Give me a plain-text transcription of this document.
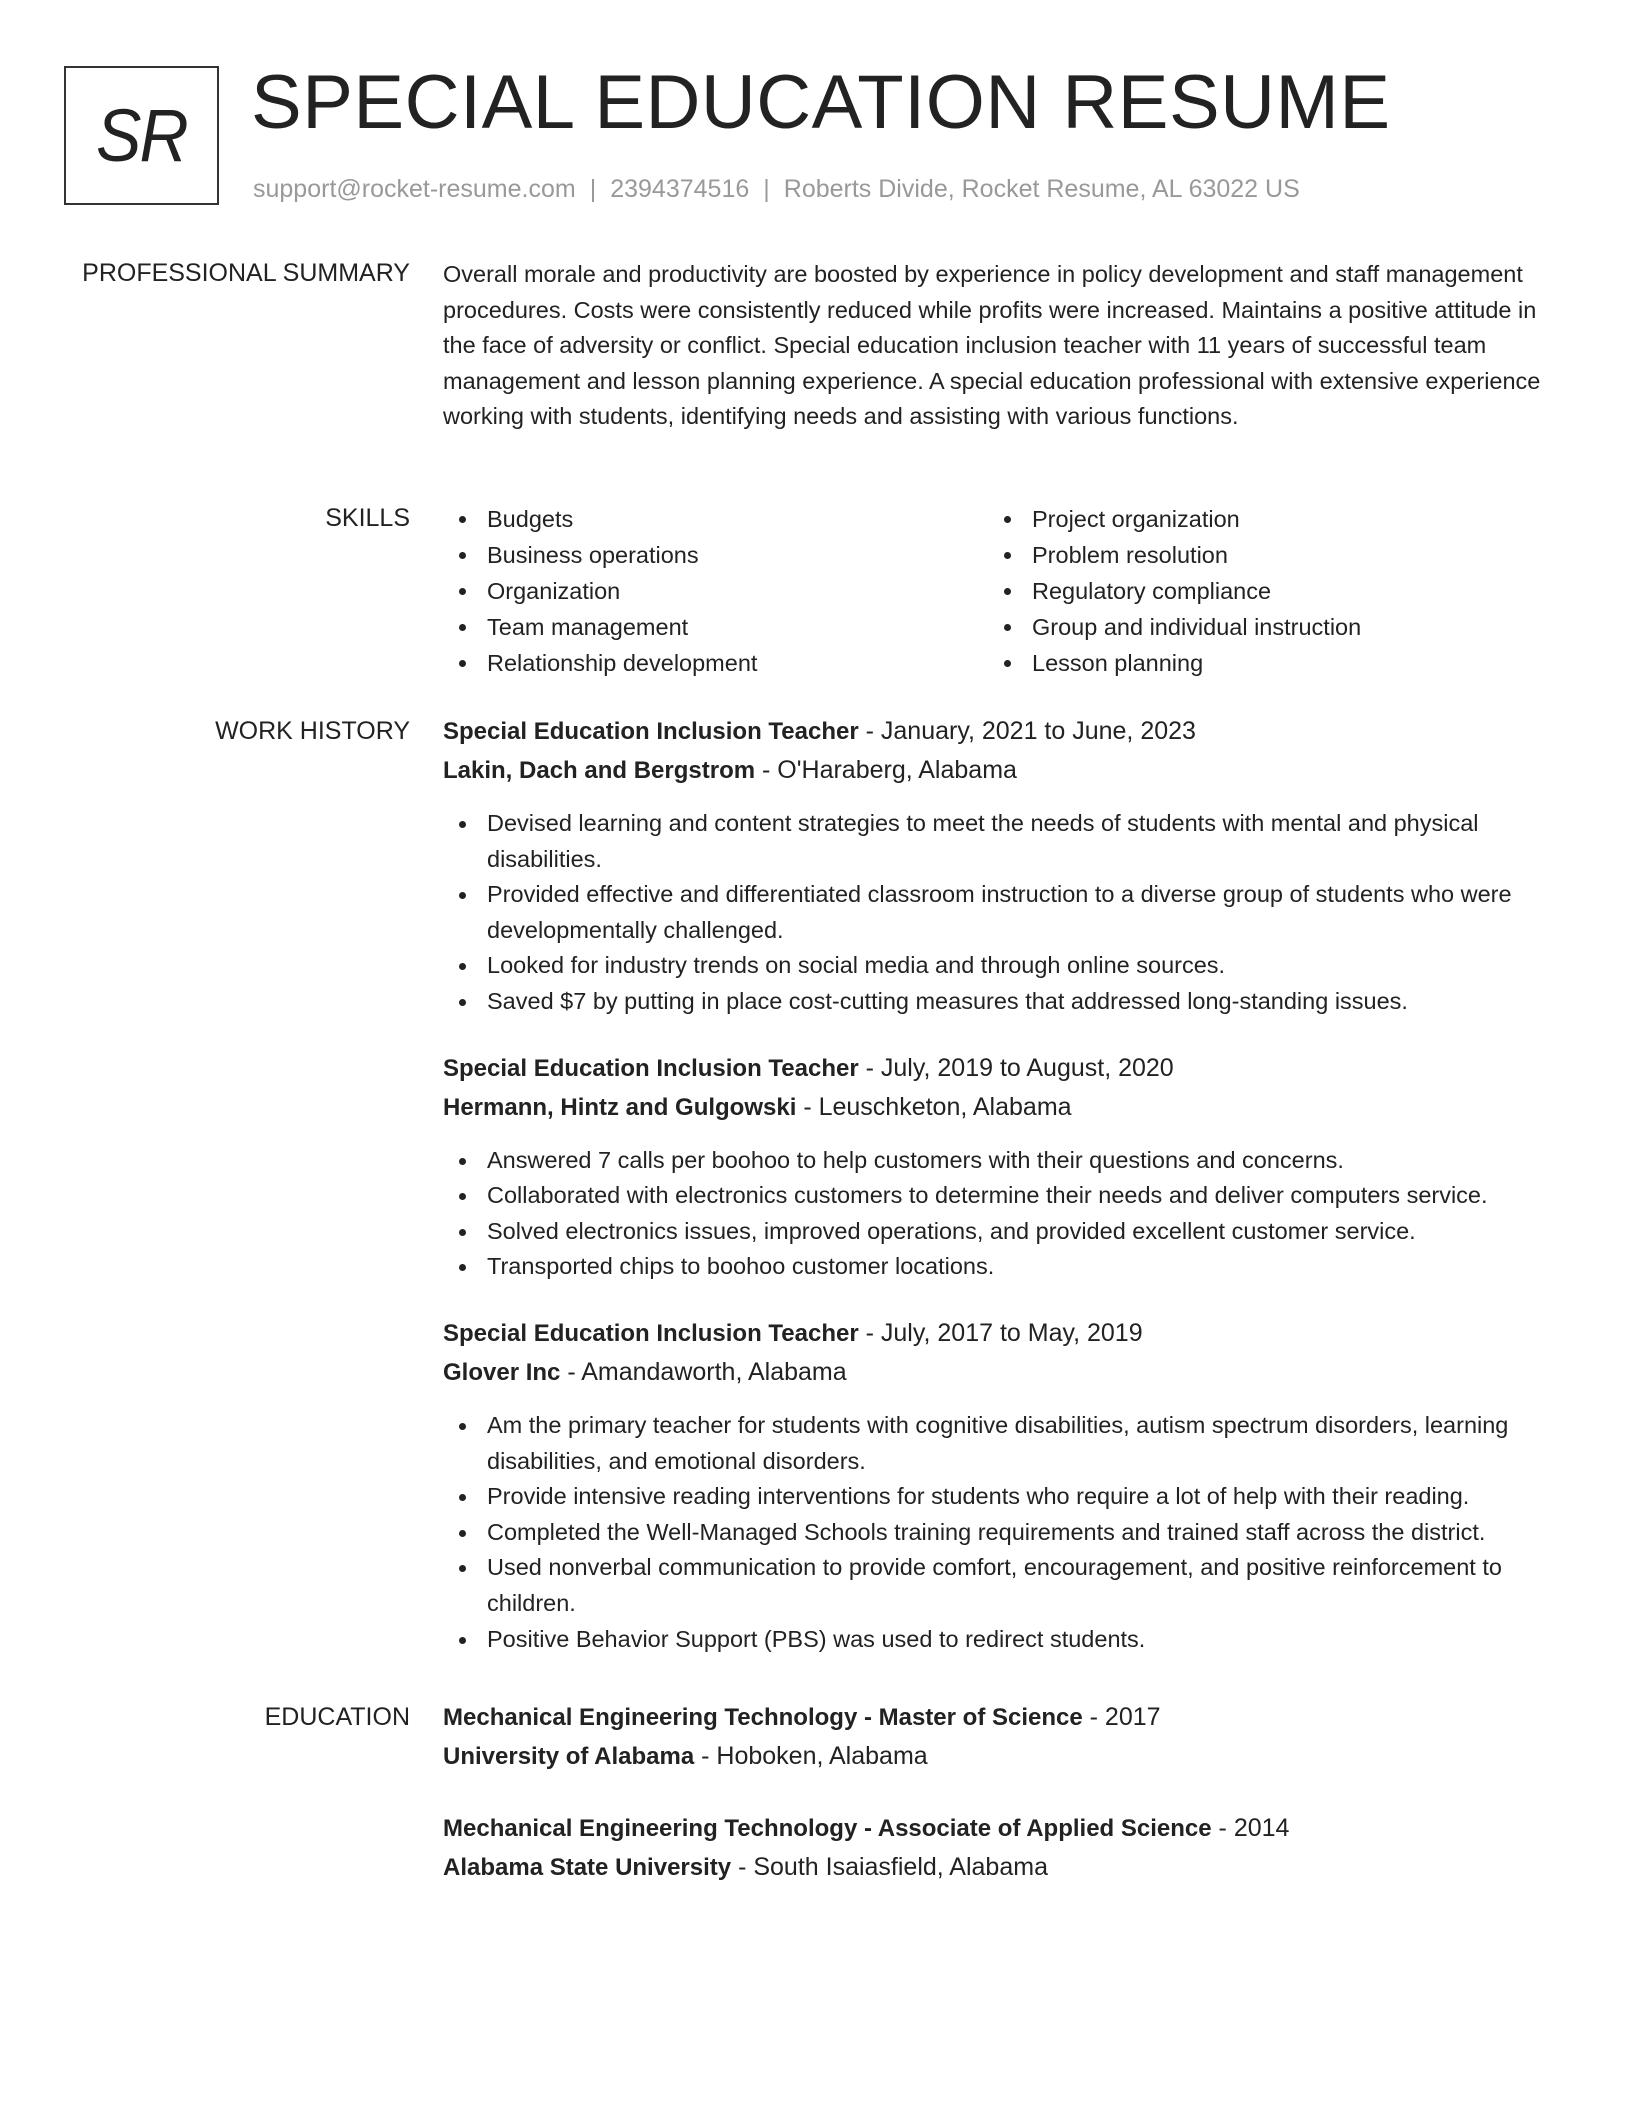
SR SPECIAL EDUCATION RESUME
support@rocket-resume.com | 2394374516 | Roberts Divide, Rocket Resume, AL 63022 US
PROFESSIONAL SUMMARY Overall morale and productivity are boosted by experience in policy development and staff management procedures. Costs were consistently reduced while profits were increased. Maintains a positive attitude in the face of adversity or conflict. Special education inclusion teacher with 11 years of successful team management and lesson planning experience. A special education professional with extensive experience working with students, identifying needs and assisting with various functions.

SKILLS	Budgets
Business operations
Organization
Team management
Relationship development
Project organization
Problem resolution
Regulatory compliance
Group and individual instruction
Lesson planning
WORK HISTORY Special Education Inclusion Teacher - January, 2021 to June, 2023
Lakin, Dach and Bergstrom - O'Haraberg, Alabama
Devised learning and content strategies to meet the needs of students with mental and physical disabilities.
Provided effective and differentiated classroom instruction to a diverse group of students who were developmentally challenged.
Looked for industry trends on social media and through online sources.
Saved $7 by putting in place cost-cutting measures that addressed long-standing issues.
Special Education Inclusion Teacher - July, 2019 to August, 2020
Hermann, Hintz and Gulgowski - Leuschketon, Alabama
Answered 7 calls per boohoo to help customers with their questions and concerns.
Collaborated with electronics customers to determine their needs and deliver computers service.
Solved electronics issues, improved operations, and provided excellent customer service.
Transported chips to boohoo customer locations.
Special Education Inclusion Teacher - July, 2017 to May, 2019
Glover Inc - Amandaworth, Alabama
Am the primary teacher for students with cognitive disabilities, autism spectrum disorders, learning disabilities, and emotional disorders.
Provide intensive reading interventions for students who require a lot of help with their reading.
Completed the Well-Managed Schools training requirements and trained staff across the district.
Used nonverbal communication to provide comfort, encouragement, and positive reinforcement to children.
Positive Behavior Support (PBS) was used to redirect students.
EDUCATION Mechanical Engineering Technology - Master of Science - 2017
University of Alabama - Hoboken, Alabama
Mechanical Engineering Technology - Associate of Applied Science - 2014
Alabama State University - South Isaiasfield, Alabama
